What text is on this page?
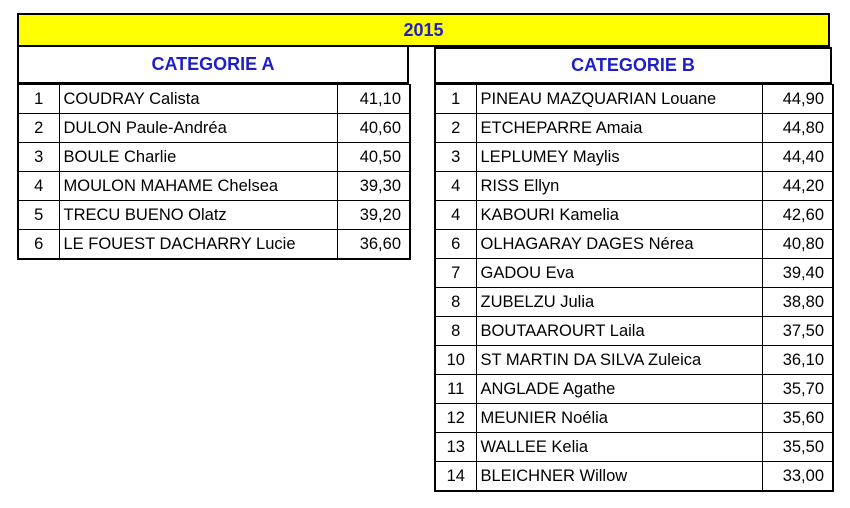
2015
CATEGORIE A
1	COUDRAY Calista	41,10
2	DULON Paule-Andréa	40,60
3	BOULE Charlie	40,50
4	MOULON MAHAME Chelsea	39,30
5	TRECU BUENO Olatz	39,20
6	LE FOUEST DACHARRY Lucie	36,60
CATEGORIE B
1	PINEAU MAZQUARIAN Louane	44,90
2	ETCHEPARRE Amaia	44,80
3	LEPLUMEY Maylis	44,40
4	RISS Ellyn	44,20
4	KABOURI Kamelia	42,60
6	OLHAGARAY DAGES Nérea	40,80
7	GADOU Eva	39,40
8	ZUBELZU Julia	38,80
8	BOUTAAROURT Laila	37,50
10	ST MARTIN DA SILVA Zuleica	36,10
11	ANGLADE Agathe	35,70
12	MEUNIER Noélia	35,60
13	WALLEE Kelia	35,50
14	BLEICHNER Willow	33,00
